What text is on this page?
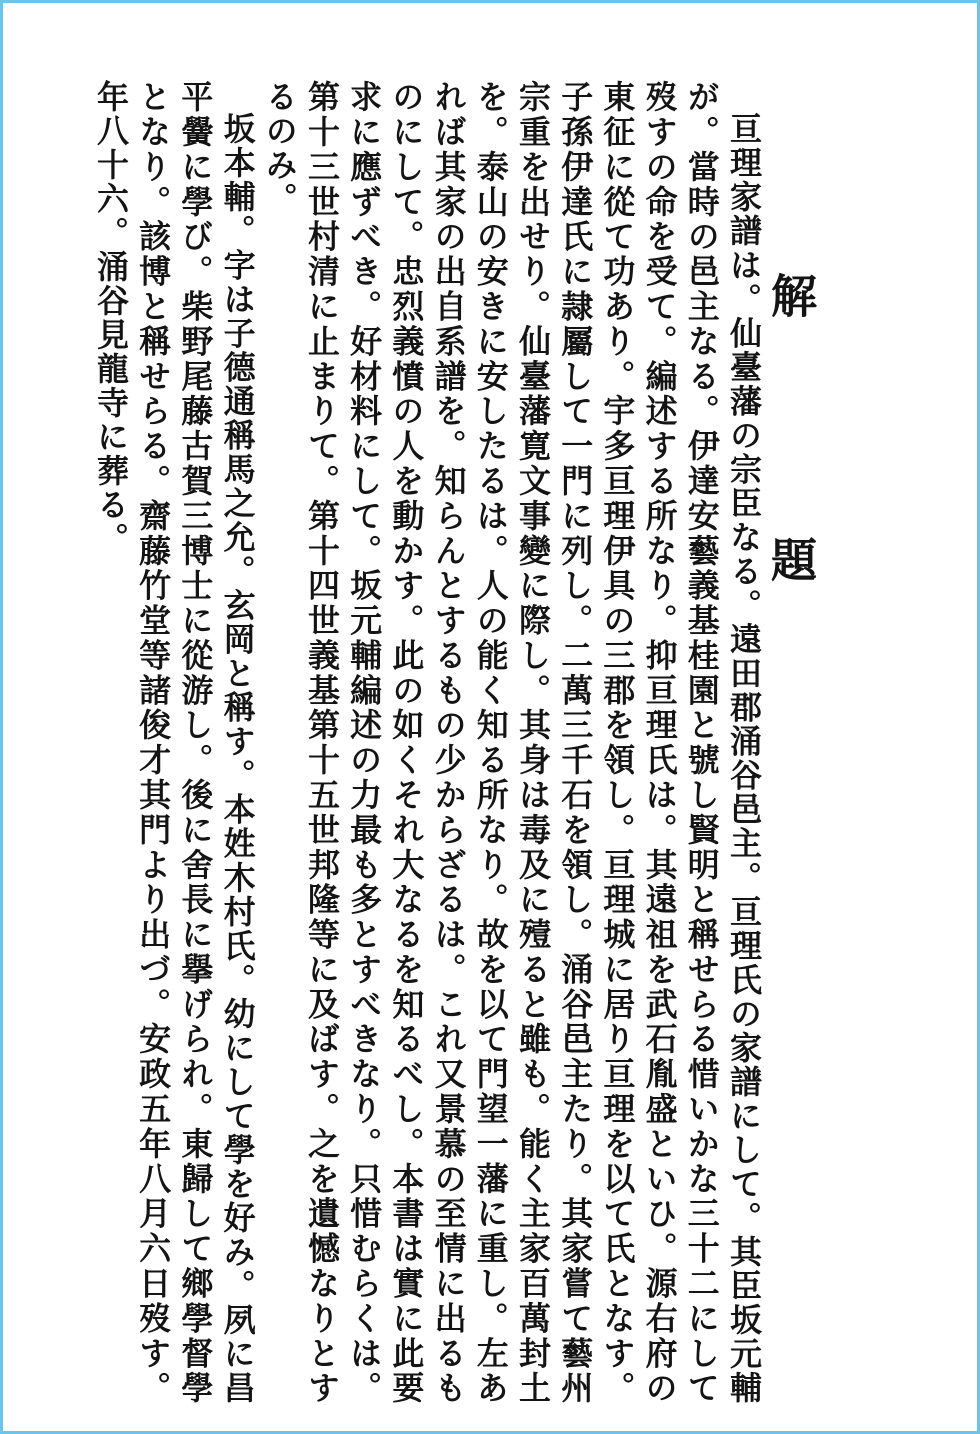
解　題

亘理家譜は。仙臺藩の宗臣なる。遠田郡涌谷邑主。亘理氏の家譜にして。其臣坂元輔が。當時の邑主なる。伊達安藝義基桂園と號し賢明と稱せらる惜いかな三十二にして歿すの命を受て。編述する所なり。抑亘理氏は。其遠祖を武石胤盛といひ。源右府の東征に從て功あり。宇多亘理伊具の三郡を領し。亘理城に居り亘理を以て氏となす。子孫伊達氏に隷屬して一門に列し。二萬三千石を領し。涌谷邑主たり。其家嘗て藝州宗重を出せり。仙臺藩寛文事變に際し。其身は毒及に殪ると雖も。能く主家百萬封土を。泰山の安きに安したるは。人の能く知る所なり。故を以て門望一藩に重し。左あれば其家の出自系譜を。知らんとするもの少からざるは。これ又景慕の至情に出るものにして。忠烈義憤の人を動かす。此の如くそれ大なるを知るべし。本書は實に此要求に應ずべき。好材料にして。坂元輔編述の力最も多とすべきなり。只惜むらくは。第十三世村清に止まりて。第十四世義基第十五世邦隆等に及ばす。之を遺憾なりとするのみ。

坂本輔。字は子德通稱馬之允。玄岡と稱す。本姓木村氏。幼にして學を好み。夙に昌平黌に學び。柴野尾藤古賀三博士に從游し。後に舍長に擧げられ。東歸して鄉學督學となり。該博と稱せらる。齋藤竹堂等諸俊才其門より出づ。安政五年八月六日歿す。年八十六。涌谷見龍寺に葬る。
